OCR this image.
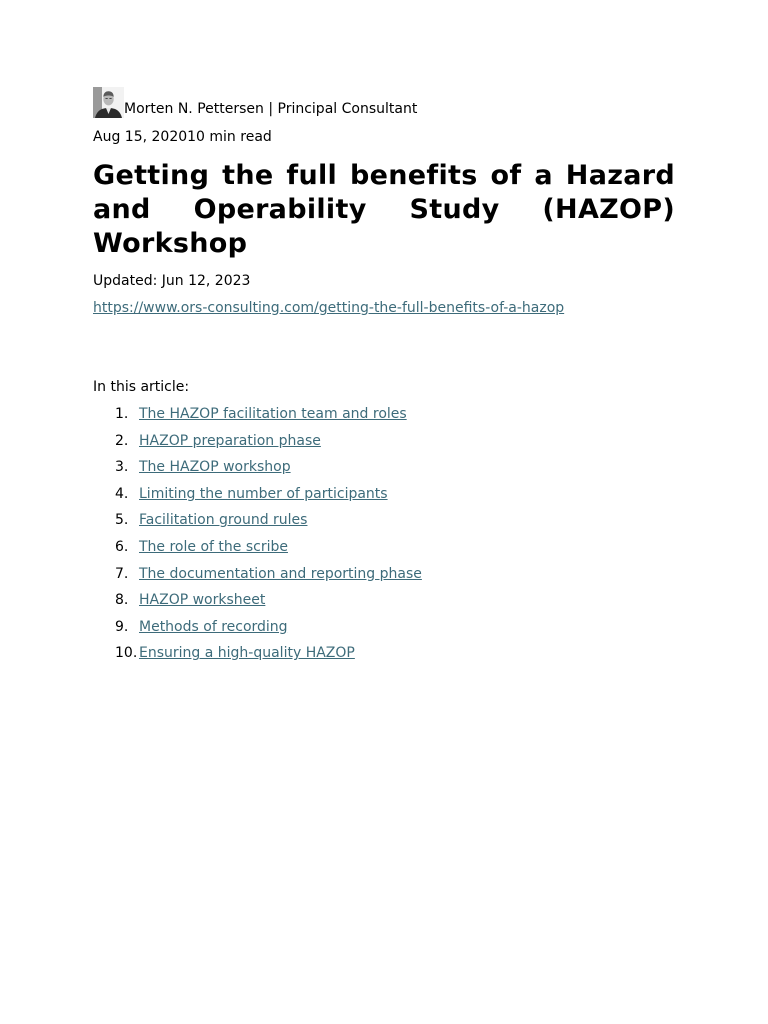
Morten N. Pettersen | Principal Consultant
Aug 15, 202010 min read
Getting the full benefits of a Hazard and Operability Study (HAZOP) Workshop
Updated: Jun 12, 2023
https://www.ors-consulting.com/getting-the-full-benefits-of-a-hazop
In this article:
1. The HAZOP facilitation team and roles
2. HAZOP preparation phase
3. The HAZOP workshop
4. Limiting the number of participants
5. Facilitation ground rules
6. The role of the scribe
7. The documentation and reporting phase
8. HAZOP worksheet
9. Methods of recording
10. Ensuring a high-quality HAZOP
